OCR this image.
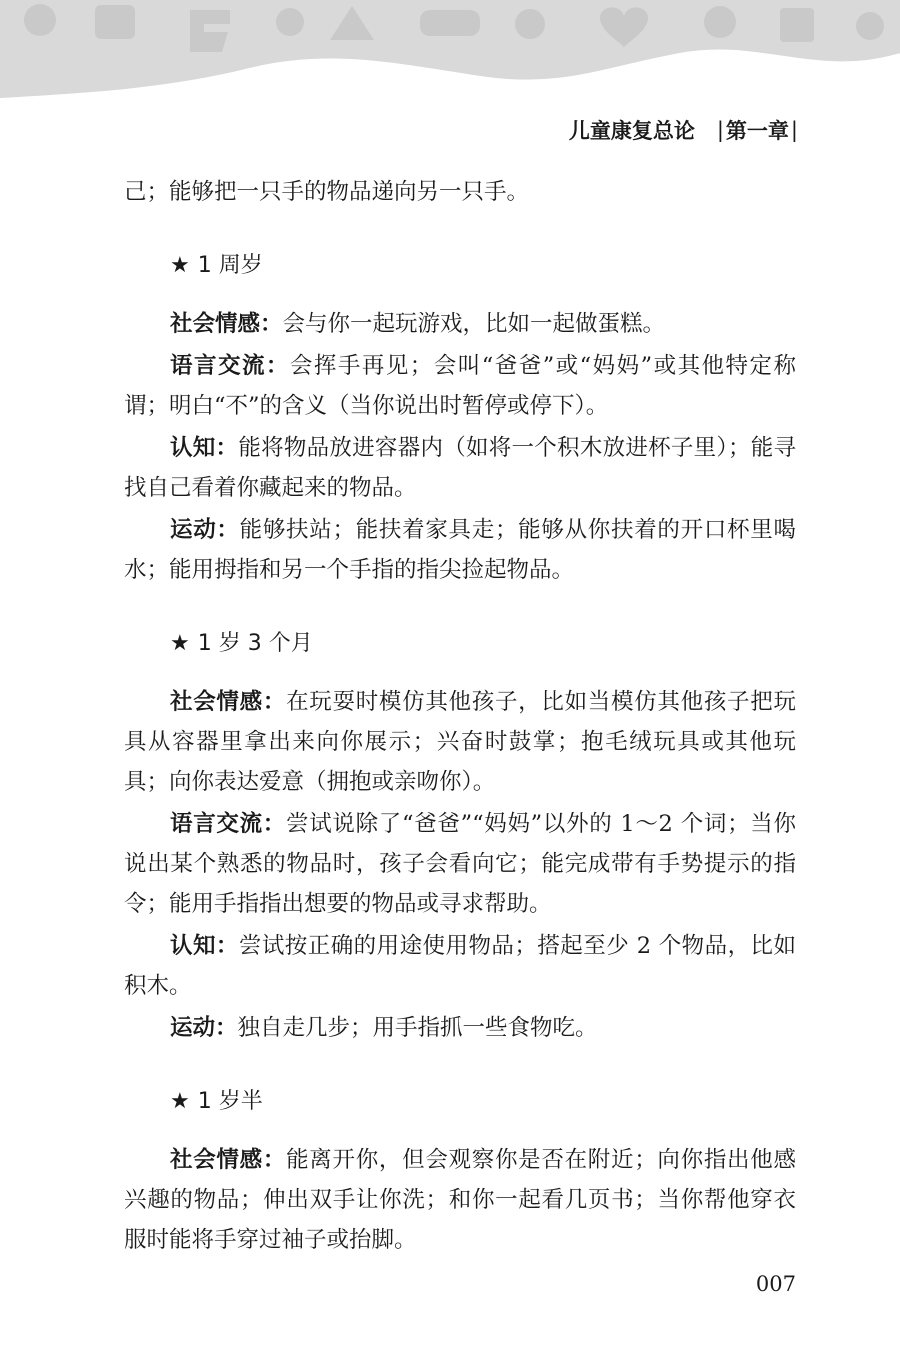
儿童康复总论 | 第一章 |

己；能够把一只手的物品递向另一只手。

★ 1 周岁

社会情感：会与你一起玩游戏，比如一起做蛋糕。

语言交流：会挥手再见；会叫“爸爸”或“妈妈”或其他特定称谓；明白“不”的含义（当你说出时暂停或停下）。

认知：能将物品放进容器内（如将一个积木放进杯子里）；能寻找自己看着你藏起来的物品。

运动：能够扶站；能扶着家具走；能够从你扶着的开口杯里喝水；能用拇指和另一个手指的指尖捡起物品。

★ 1 岁 3 个月

社会情感：在玩耍时模仿其他孩子，比如当模仿其他孩子把玩具从容器里拿出来向你展示；兴奋时鼓掌；抱毛绒玩具或其他玩具；向你表达爱意（拥抱或亲吻你）。

语言交流：尝试说除了“爸爸”“妈妈”以外的 1～2 个词；当你说出某个熟悉的物品时，孩子会看向它；能完成带有手势提示的指令；能用手指指出想要的物品或寻求帮助。

认知：尝试按正确的用途使用物品；搭起至少 2 个物品，比如积木。

运动：独自走几步；用手指抓一些食物吃。

★ 1 岁半

社会情感：能离开你，但会观察你是否在附近；向你指出他感兴趣的物品；伸出双手让你洗；和你一起看几页书；当你帮他穿衣服时能将手穿过袖子或抬脚。

007
